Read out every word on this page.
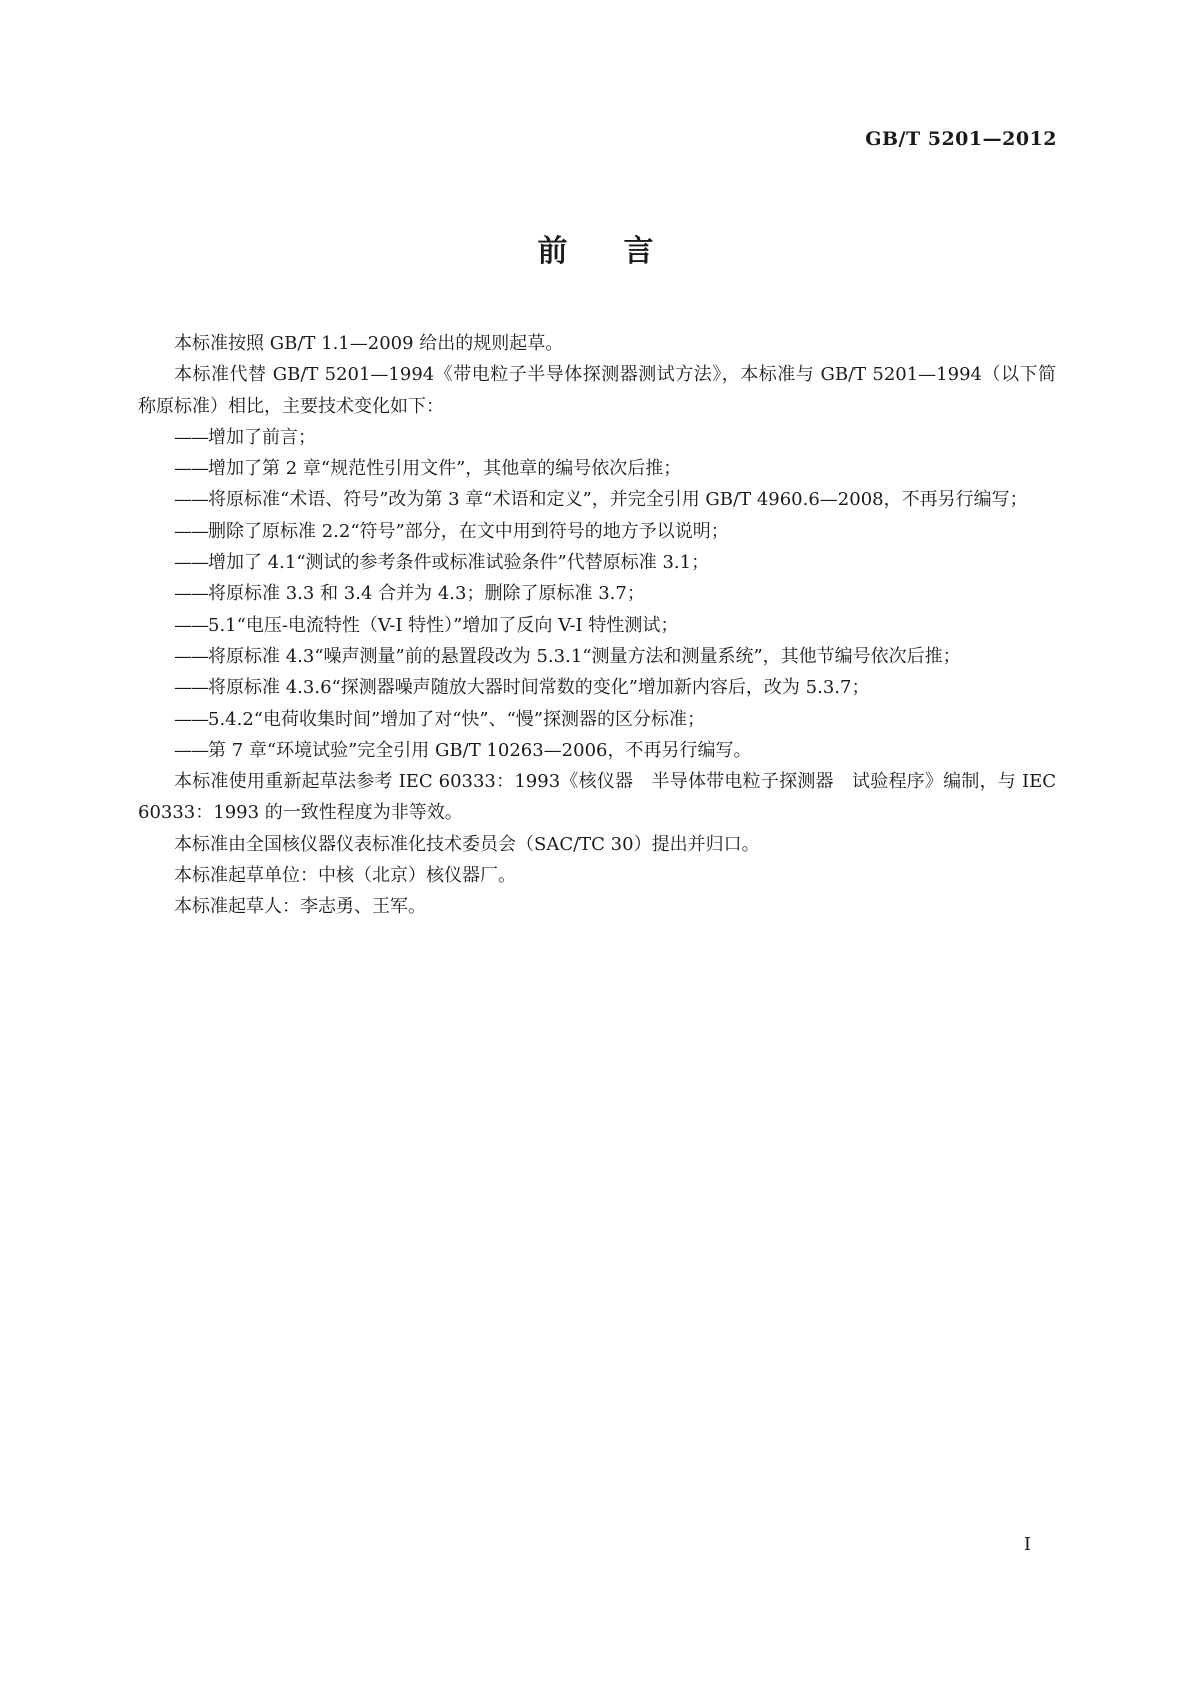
GB/T 5201—2012
前言

本标准按照 GB/T 1.1—2009 给出的规则起草。

本标准代替 GB/T 5201—1994《带电粒子半导体探测器测试方法》，本标准与 GB/T 5201—1994（以下简称原标准）相比，主要技术变化如下：

——增加了前言；

——增加了第 2 章“规范性引用文件”，其他章的编号依次后推；

——将原标准“术语、符号”改为第 3 章“术语和定义”，并完全引用 GB/T 4960.6—2008，不再另行编写；

——删除了原标准 2.2“符号”部分，在文中用到符号的地方予以说明；

——增加了 4.1“测试的参考条件或标准试验条件”代替原标准 3.1；

——将原标准 3.3 和 3.4 合并为 4.3；删除了原标准 3.7；

——5.1“电压-电流特性（V-I 特性）”增加了反向 V-I 特性测试；

——将原标准 4.3“噪声测量”前的悬置段改为 5.3.1“测量方法和测量系统”，其他节编号依次后推；

——将原标准 4.3.6“探测器噪声随放大器时间常数的变化”增加新内容后，改为 5.3.7；

——5.4.2“电荷收集时间”增加了对“快”、“慢”探测器的区分标准；

——第 7 章“环境试验”完全引用 GB/T 10263—2006，不再另行编写。

本标准使用重新起草法参考 IEC 60333：1993《核仪器　半导体带电粒子探测器　试验程序》编制，与 IEC 60333：1993 的一致性程度为非等效。

本标准由全国核仪器仪表标准化技术委员会（SAC/TC 30）提出并归口。

本标准起草单位：中核（北京）核仪器厂。

本标准起草人：李志勇、王军。

I
